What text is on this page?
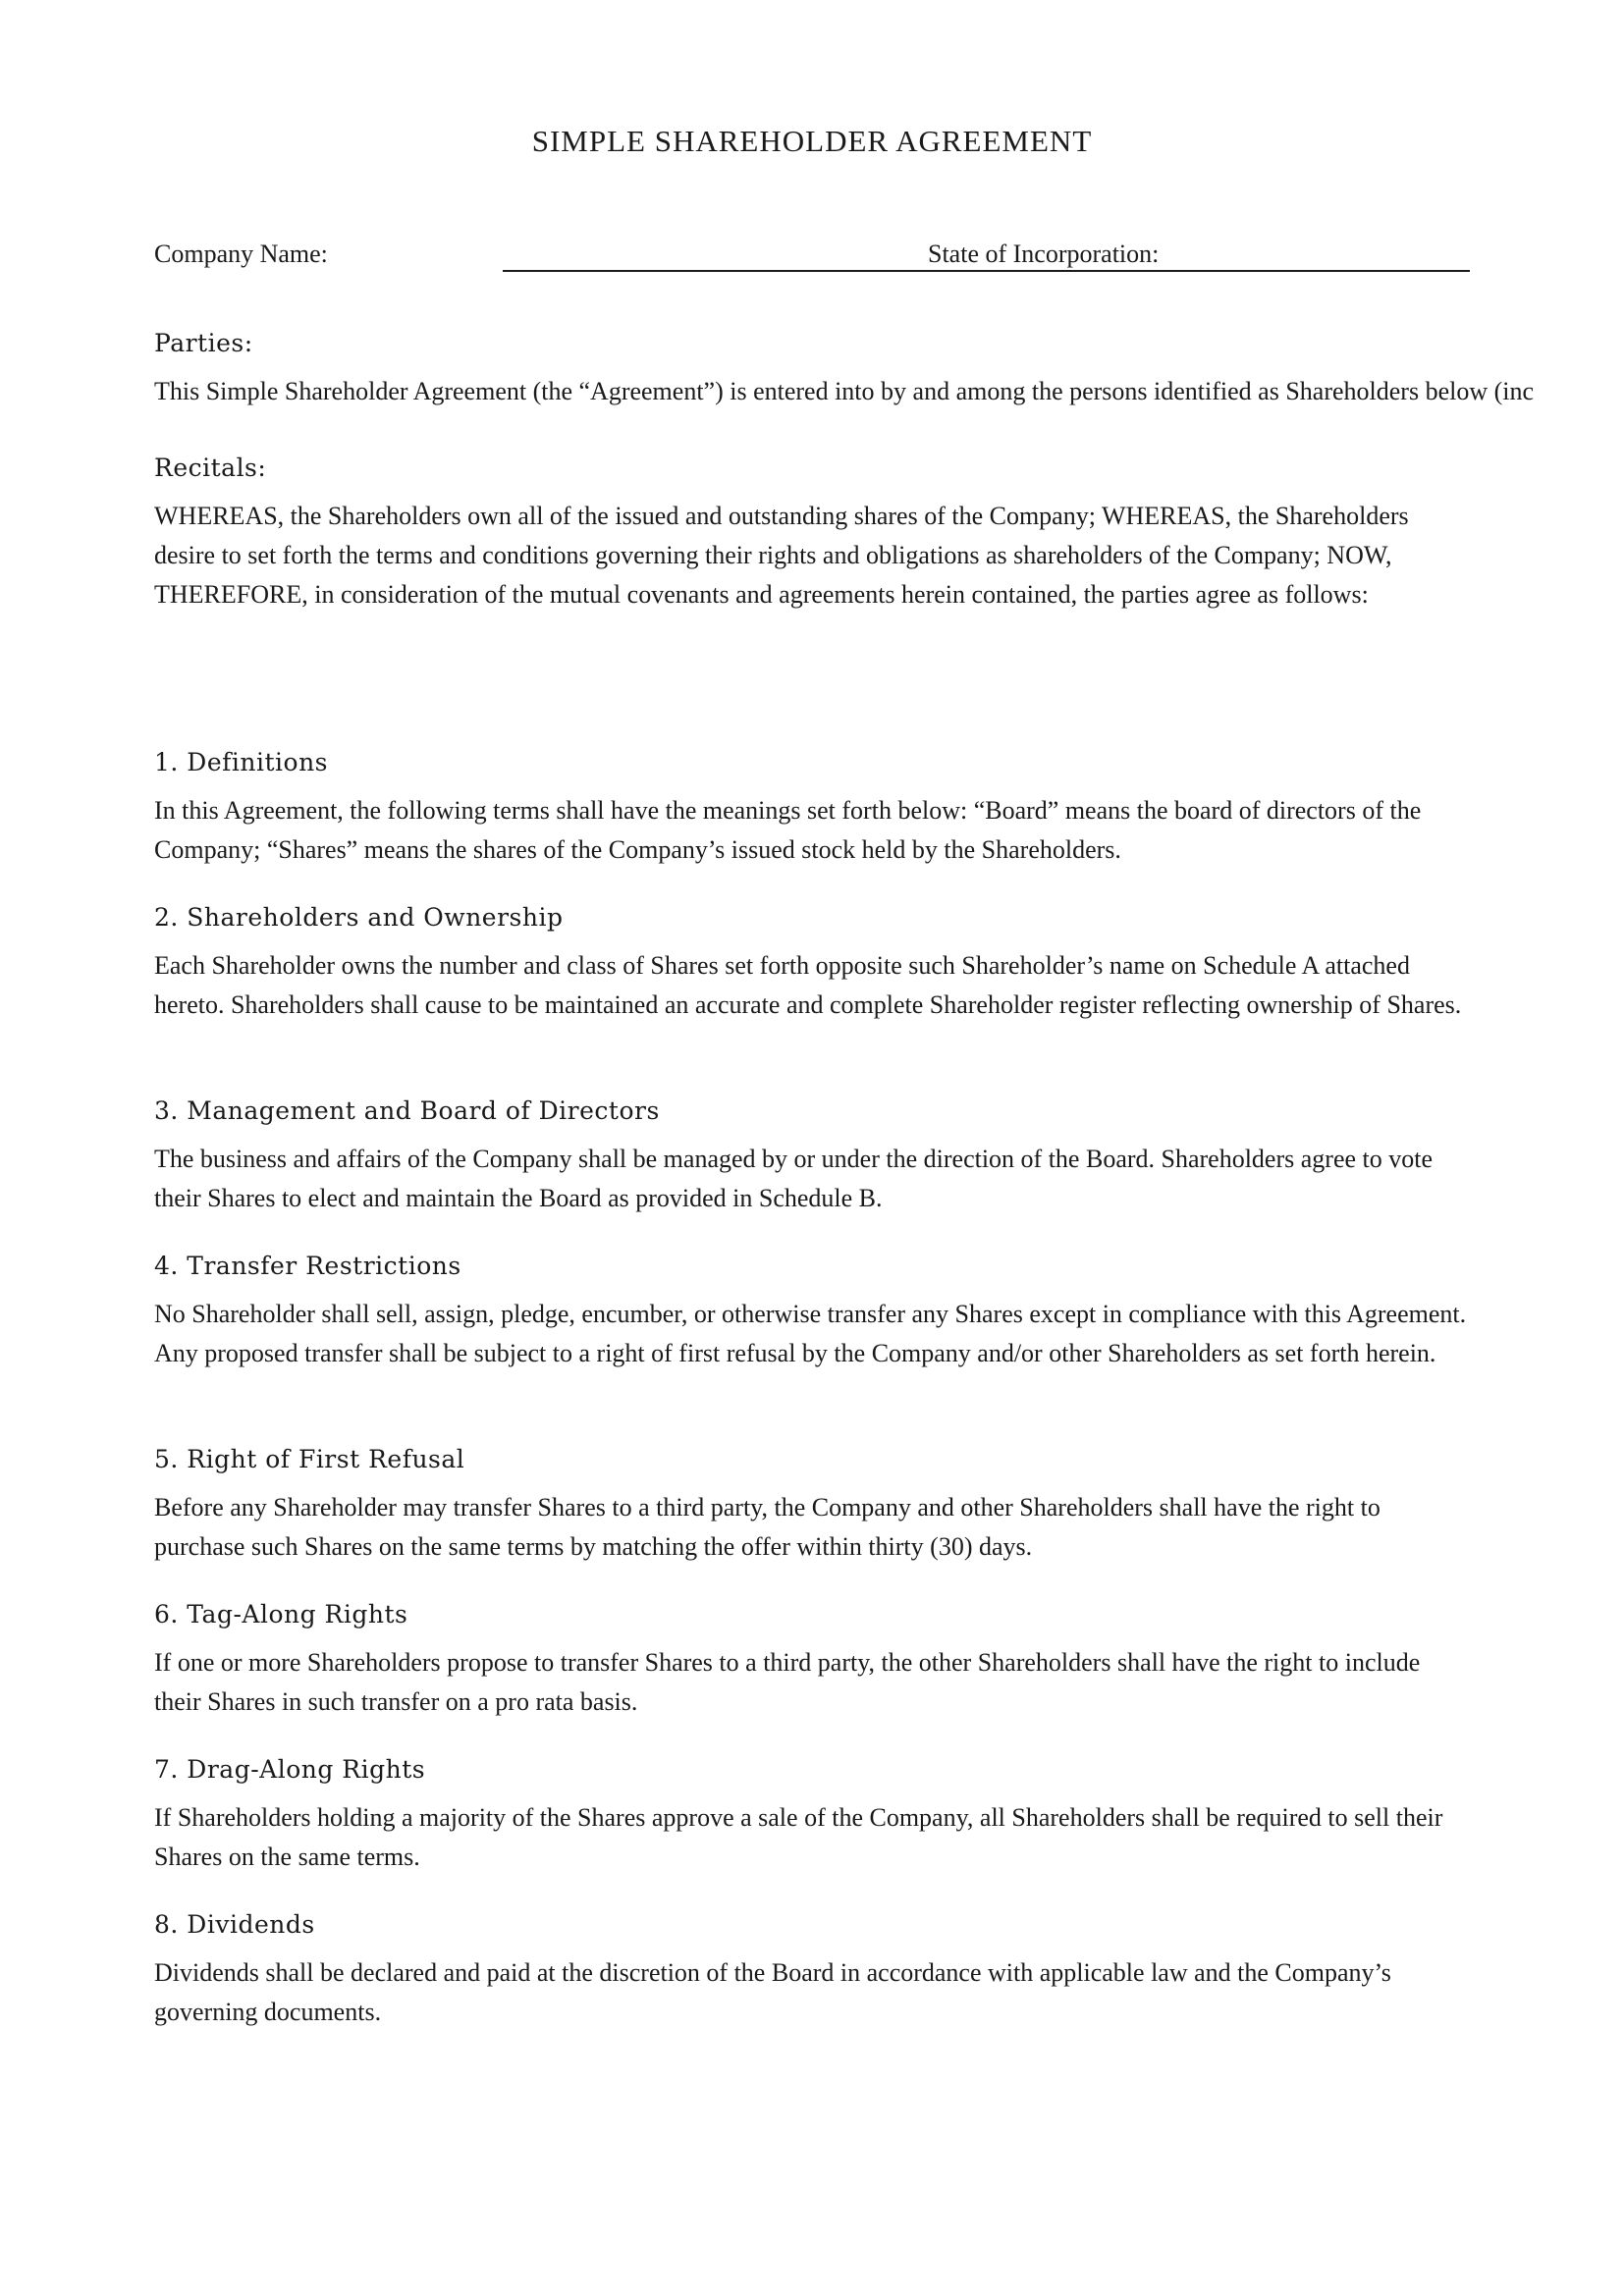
SIMPLE SHAREHOLDER AGREEMENT
Company Name:	State of Incorporation:
Parties:

This Simple Shareholder Agreement (the “Agreement”) is entered into by and among the persons identified as Shareholders below (inc

Recitals:

WHEREAS, the Shareholders own all of the issued and outstanding shares of the Company; WHEREAS, the Shareholders desire to set forth the terms and conditions governing their rights and obligations as shareholders of the Company; NOW, THEREFORE, in consideration of the mutual covenants and agreements herein contained, the parties agree as follows:

1. Definitions

In this Agreement, the following terms shall have the meanings set forth below: “Board” means the board of directors of the Company; “Shares” means the shares of the Company’s issued stock held by the Shareholders.

2. Shareholders and Ownership

Each Shareholder owns the number and class of Shares set forth opposite such Shareholder’s name on Schedule A attached hereto. Shareholders shall cause to be maintained an accurate and complete Shareholder register reflecting ownership of Shares.

3. Management and Board of Directors

The business and affairs of the Company shall be managed by or under the direction of the Board. Shareholders agree to vote their Shares to elect and maintain the Board as provided in Schedule B.

4. Transfer Restrictions

No Shareholder shall sell, assign, pledge, encumber, or otherwise transfer any Shares except in compliance with this Agreement. Any proposed transfer shall be subject to a right of first refusal by the Company and/or other Shareholders as set forth herein.

5. Right of First Refusal

Before any Shareholder may transfer Shares to a third party, the Company and other Shareholders shall have the right to purchase such Shares on the same terms by matching the offer within thirty (30) days.

6. Tag-Along Rights

If one or more Shareholders propose to transfer Shares to a third party, the other Shareholders shall have the right to include their Shares in such transfer on a pro rata basis.

7. Drag-Along Rights

If Shareholders holding a majority of the Shares approve a sale of the Company, all Shareholders shall be required to sell their Shares on the same terms.

8. Dividends

Dividends shall be declared and paid at the discretion of the Board in accordance with applicable law and the Company’s governing documents.
